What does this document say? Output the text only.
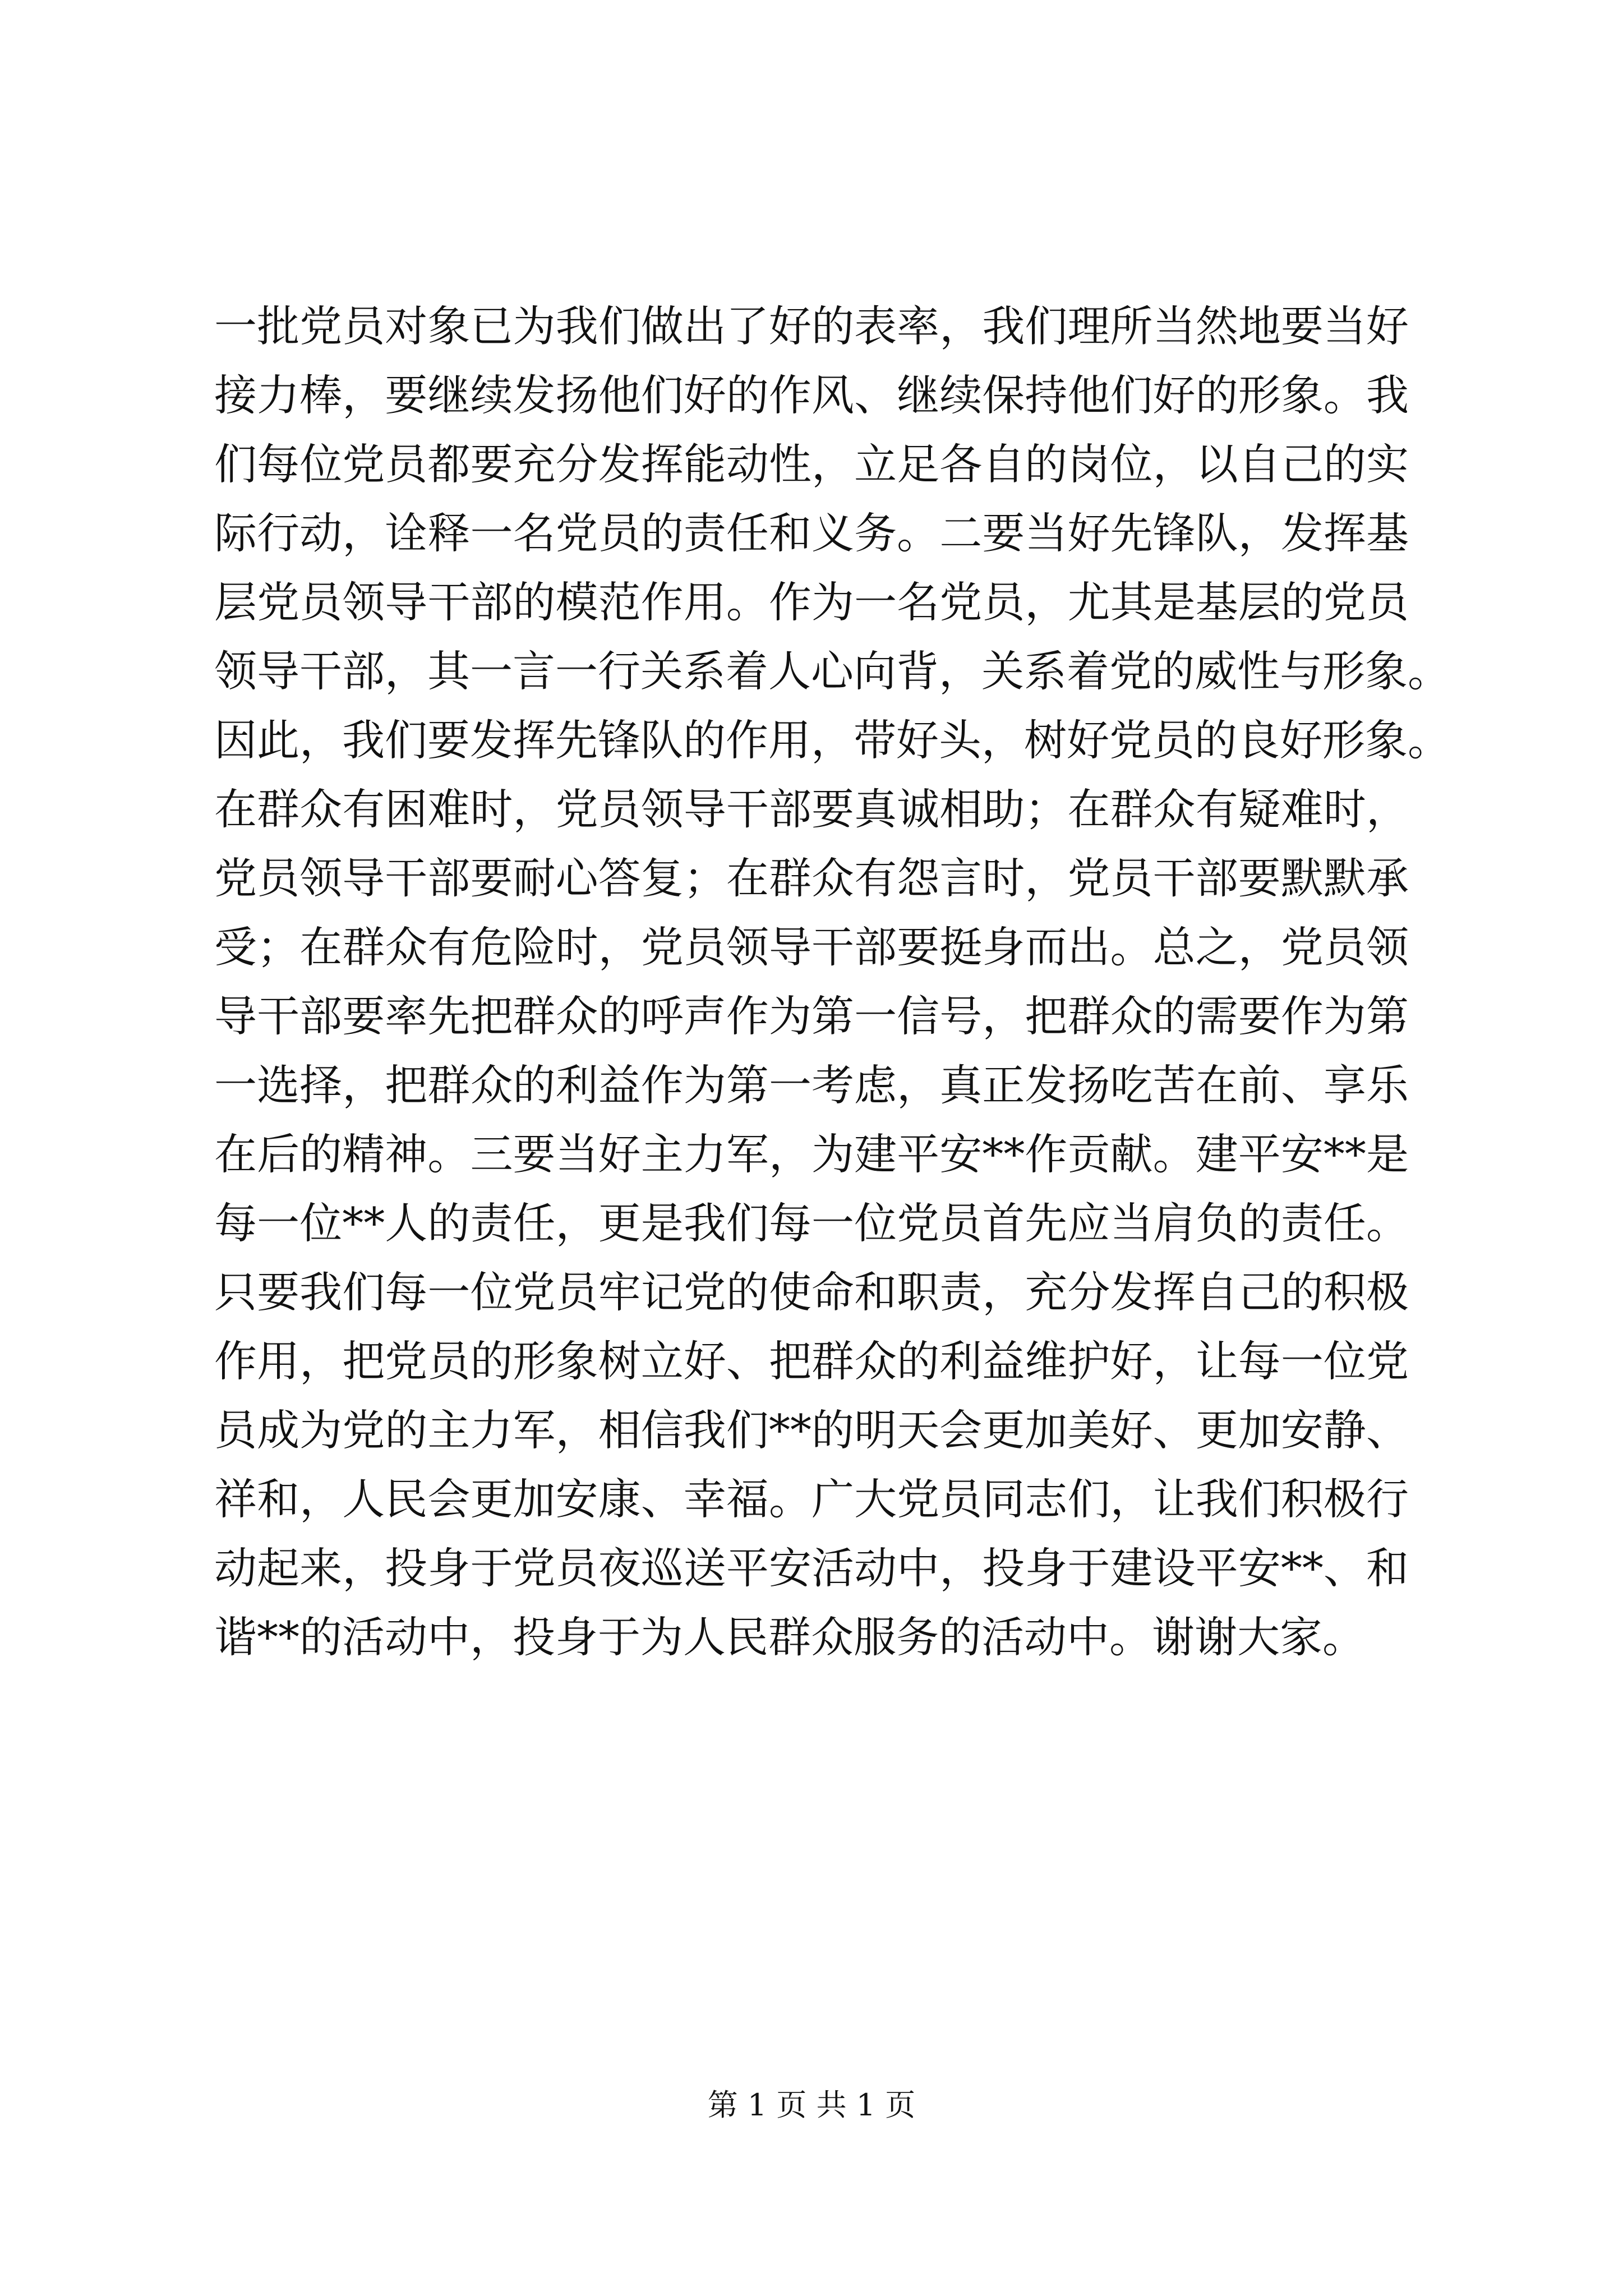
一批党员对象已为我们做出了好的表率，我们理所当然地要当好
接力棒，要继续发扬他们好的作风、继续保持他们好的形象。我
们每位党员都要充分发挥能动性，立足各自的岗位，以自己的实
际行动，诠释一名党员的责任和义务。二要当好先锋队，发挥基
层党员领导干部的模范作用。作为一名党员，尤其是基层的党员
领导干部，其一言一行关系着人心向背，关系着党的威性与形象。
因此，我们要发挥先锋队的作用，带好头，树好党员的良好形象。
在群众有困难时，党员领导干部要真诚相助；在群众有疑难时，
党员领导干部要耐心答复；在群众有怨言时，党员干部要默默承
受；在群众有危险时，党员领导干部要挺身而出。总之，党员领
导干部要率先把群众的呼声作为第一信号，把群众的需要作为第
一选择，把群众的利益作为第一考虑，真正发扬吃苦在前、享乐
在后的精神。三要当好主力军，为建平安**作贡献。建平安**是
每一位**人的责任，更是我们每一位党员首先应当肩负的责任。
只要我们每一位党员牢记党的使命和职责，充分发挥自己的积极
作用，把党员的形象树立好、把群众的利益维护好，让每一位党
员成为党的主力军，相信我们**的明天会更加美好、更加安静、
祥和，人民会更加安康、幸福。广大党员同志们，让我们积极行
动起来，投身于党员夜巡送平安活动中，投身于建设平安**、和
谐**的活动中，投身于为人民群众服务的活动中。谢谢大家。
第 1 页 共 1 页
